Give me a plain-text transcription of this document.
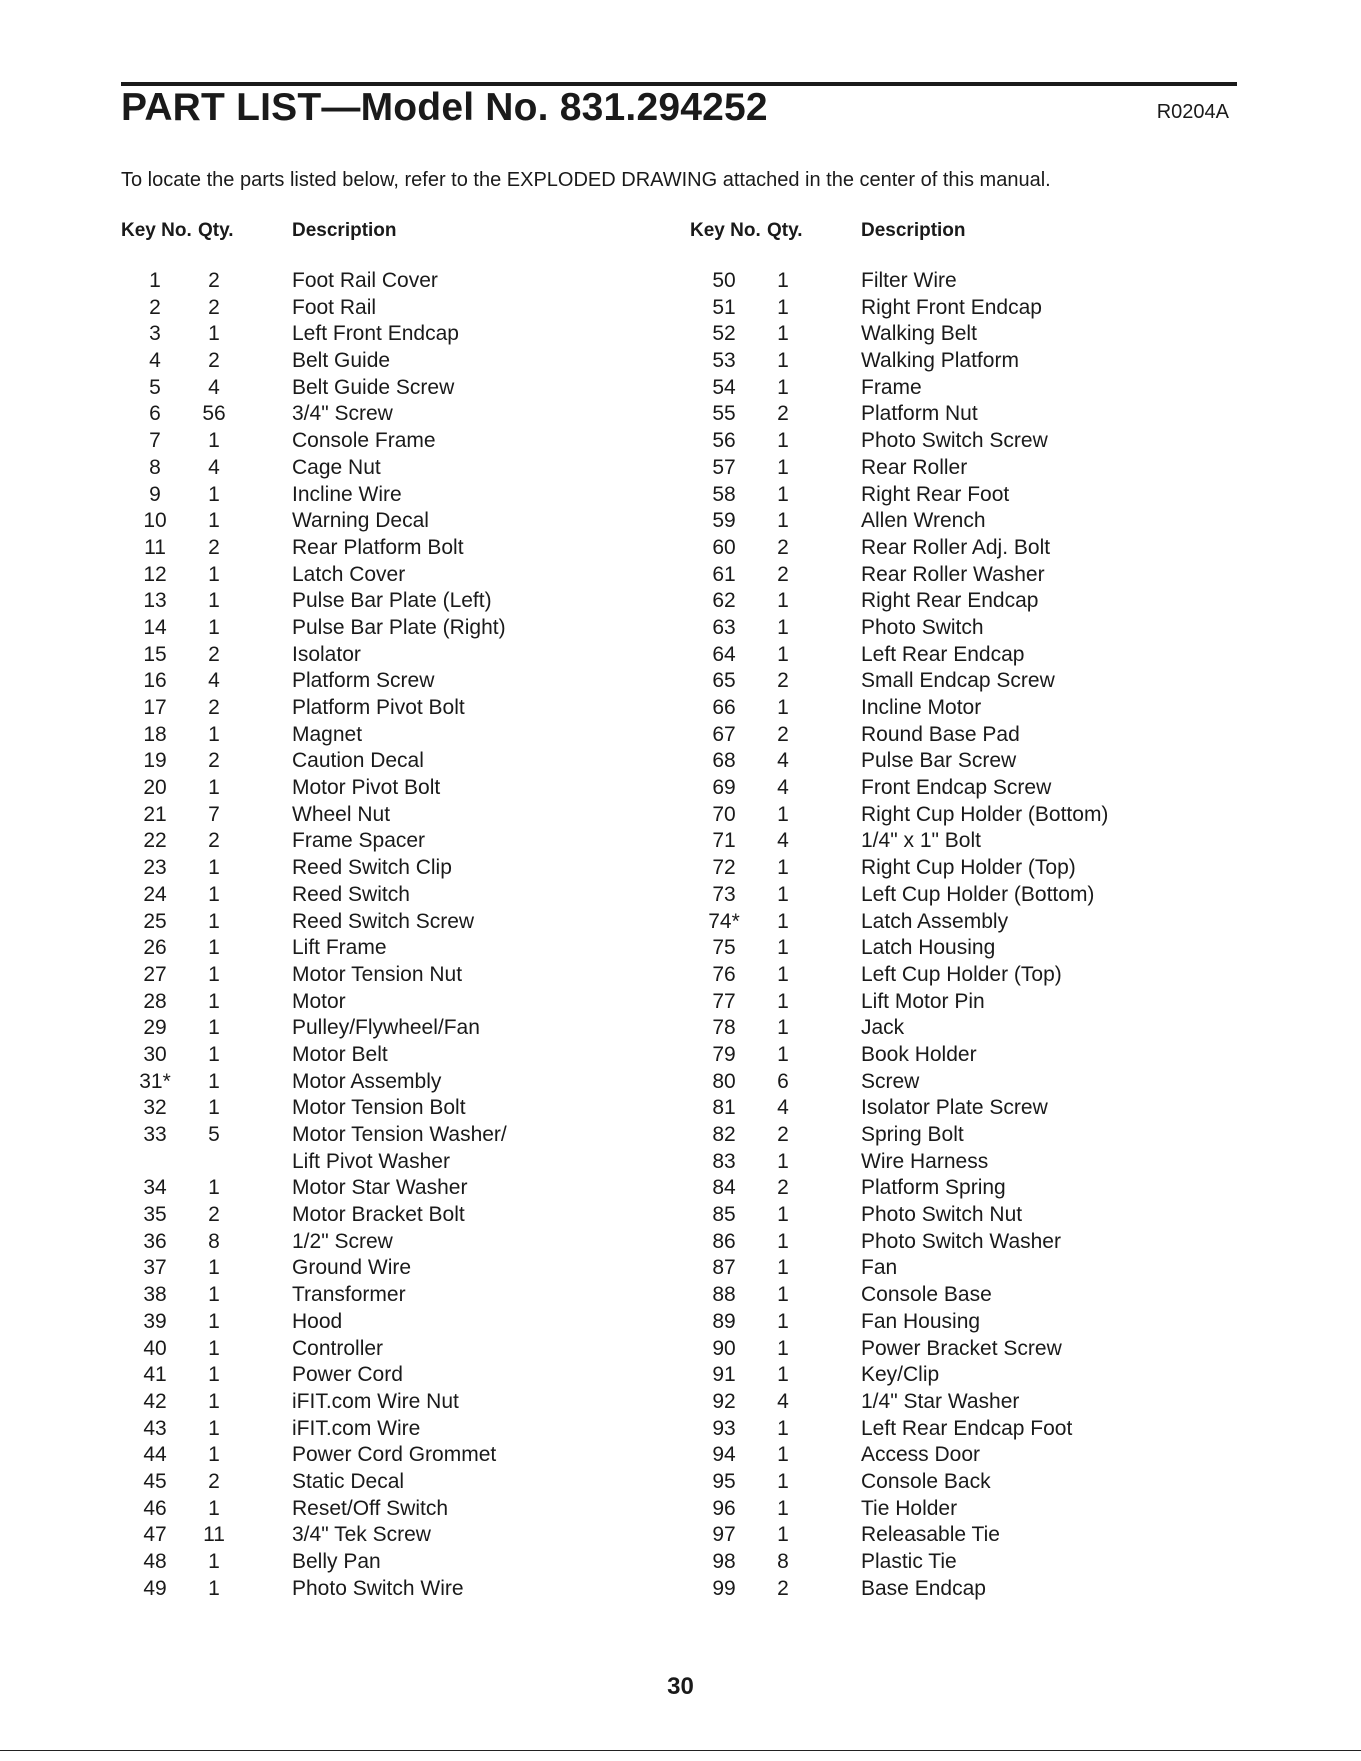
PART LIST—Model No. 831.294252	R0204A

To locate the parts listed below, refer to the EXPLODED DRAWING attached in the center of this manual.

Key No. Qty.	Description	Key No. Qty.	Description
1	2	Foot Rail Cover
2	2	Foot Rail
3	1	Left Front Endcap
4	2	Belt Guide
5	4	Belt Guide Screw
6	56	3/4" Screw
7	1	Console Frame
8	4	Cage Nut
9	1	Incline Wire
10	1	Warning Decal
11	2	Rear Platform Bolt
12	1	Latch Cover
13	1	Pulse Bar Plate (Left)
14	1	Pulse Bar Plate (Right)
15	2	Isolator
16	4	Platform Screw
17	2	Platform Pivot Bolt
18	1	Magnet
19	2	Caution Decal
20	1	Motor Pivot Bolt
21	7	Wheel Nut
22	2	Frame Spacer
23	1	Reed Switch Clip
24	1	Reed Switch
25	1	Reed Switch Screw
26	1	Lift Frame
27	1	Motor Tension Nut
28	1	Motor
29	1	Pulley/Flywheel/Fan
30	1	Motor Belt
31*	1	Motor Assembly
32	1	Motor Tension Bolt
33	5	Motor Tension Washer/
Lift Pivot Washer
34	1	Motor Star Washer
35	2	Motor Bracket Bolt
36	8	1/2" Screw
37	1	Ground Wire
38	1	Transformer
39	1	Hood
40	1	Controller
41	1	Power Cord
42	1	iFIT.com Wire Nut
43	1	iFIT.com Wire
44	1	Power Cord Grommet
45	2	Static Decal
46	1	Reset/Off Switch
47	11	3/4" Tek Screw
48	1	Belly Pan
49	1	Photo Switch Wire
50	1	Filter Wire
51	1	Right Front Endcap
52	1	Walking Belt
53	1	Walking Platform
54	1	Frame
55	2	Platform Nut
56	1	Photo Switch Screw
57	1	Rear Roller
58	1	Right Rear Foot
59	1	Allen Wrench
60	2	Rear Roller Adj. Bolt
61	2	Rear Roller Washer
62	1	Right Rear Endcap
63	1	Photo Switch
64	1	Left Rear Endcap
65	2	Small Endcap Screw
66	1	Incline Motor
67	2	Round Base Pad
68	4	Pulse Bar Screw
69	4	Front Endcap Screw
70	1	Right Cup Holder (Bottom)
71	4	1/4" x 1" Bolt
72	1	Right Cup Holder (Top)
73	1	Left Cup Holder (Bottom)
74*	1	Latch Assembly
75	1	Latch Housing
76	1	Left Cup Holder (Top)
77	1	Lift Motor Pin
78	1	Jack
79	1	Book Holder
80	6	Screw
81	4	Isolator Plate Screw
82	2	Spring Bolt
83	1	Wire Harness
84	2	Platform Spring
85	1	Photo Switch Nut
86	1	Photo Switch Washer
87	1	Fan
88	1	Console Base
89	1	Fan Housing
90	1	Power Bracket Screw
91	1	Key/Clip
92	4	1/4" Star Washer
93	1	Left Rear Endcap Foot
94	1	Access Door
95	1	Console Back
96	1	Tie Holder
97	1	Releasable Tie
98	8	Plastic Tie
99	2	Base Endcap
30
